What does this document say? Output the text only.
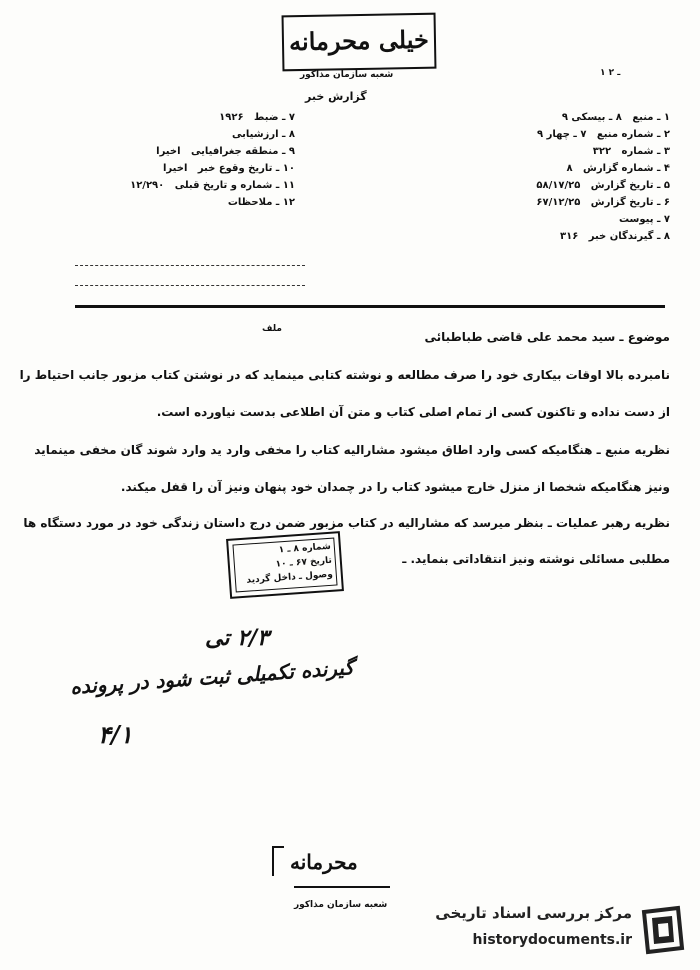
خیلی محرمانه
شعبه سازمان مذاکور
گزارش خبر
۱ ـ ۲
۱ ـ منبع   ۸ ـ بیسکی ۹
۲ ـ شماره منبع   ۷ ـ چهار ۹
۳ ـ شماره   ۳۲۲
۴ ـ شماره گزارش   ۸
۵ ـ تاریخ گزارش   ۵۸/۱۷/۲۵
۶ ـ تاریخ گزارش   ۶۷/۱۲/۲۵
۷ ـ پیوست
۸ ـ گیرندگان خبر   ۳۱۶
۷ ـ ضبط   ۱۹۲۶
۸ ـ ارزشیابی
۹ ـ منطقه جغرافیایی   اخیرا
۱۰ ـ تاریخ وقوع خبر   اخیرا
۱۱ ـ شماره و تاریخ قبلی   ۱۲/۲۹۰
۱۲ ـ ملاحظات
موضوع ـ سید محمد علی قاضی طباطبائی
ملف
نامبرده بالا اوقات بیکاری خود را صرف مطالعه و نوشته کتابی مینماید که در نوشتن کتاب مزبور جانب احتیاط را
از دست نداده و تاکنون کسی از تمام اصلی کتاب و متن آن اطلاعی بدست نیاورده است.
نظریه منبع ـ هنگامیکه کسی وارد اطاق میشود مشارالیه کتاب را مخفی وارد ید وارد شوند گان مخفی مینماید
ونیز هنگامیکه شخصا از منزل خارج میشود کتاب را در چمدان خود پنهان ونیز آن را قفل میکند.
نظریه رهبر عملیات ـ بنظر میرسد که مشارالیه در کتاب مزبور ضمن درج داستان زندگی خود در مورد دستگاه ها
مطلبی مسائلی نوشته ونیز انتقاداتی بنماید. ـ
شماره ۸ ـ ۱
تاریخ ۶۷ ـ ۱۰
وصول ـ داخل گردید
۲/۳ تی
گیرنده تکمیلی ثبت شود در پرونده
۴/۱
محرمانه
شعبه سازمان مذاکور	مرکز بررسی اسناد تاریخی
historydocuments.ir
